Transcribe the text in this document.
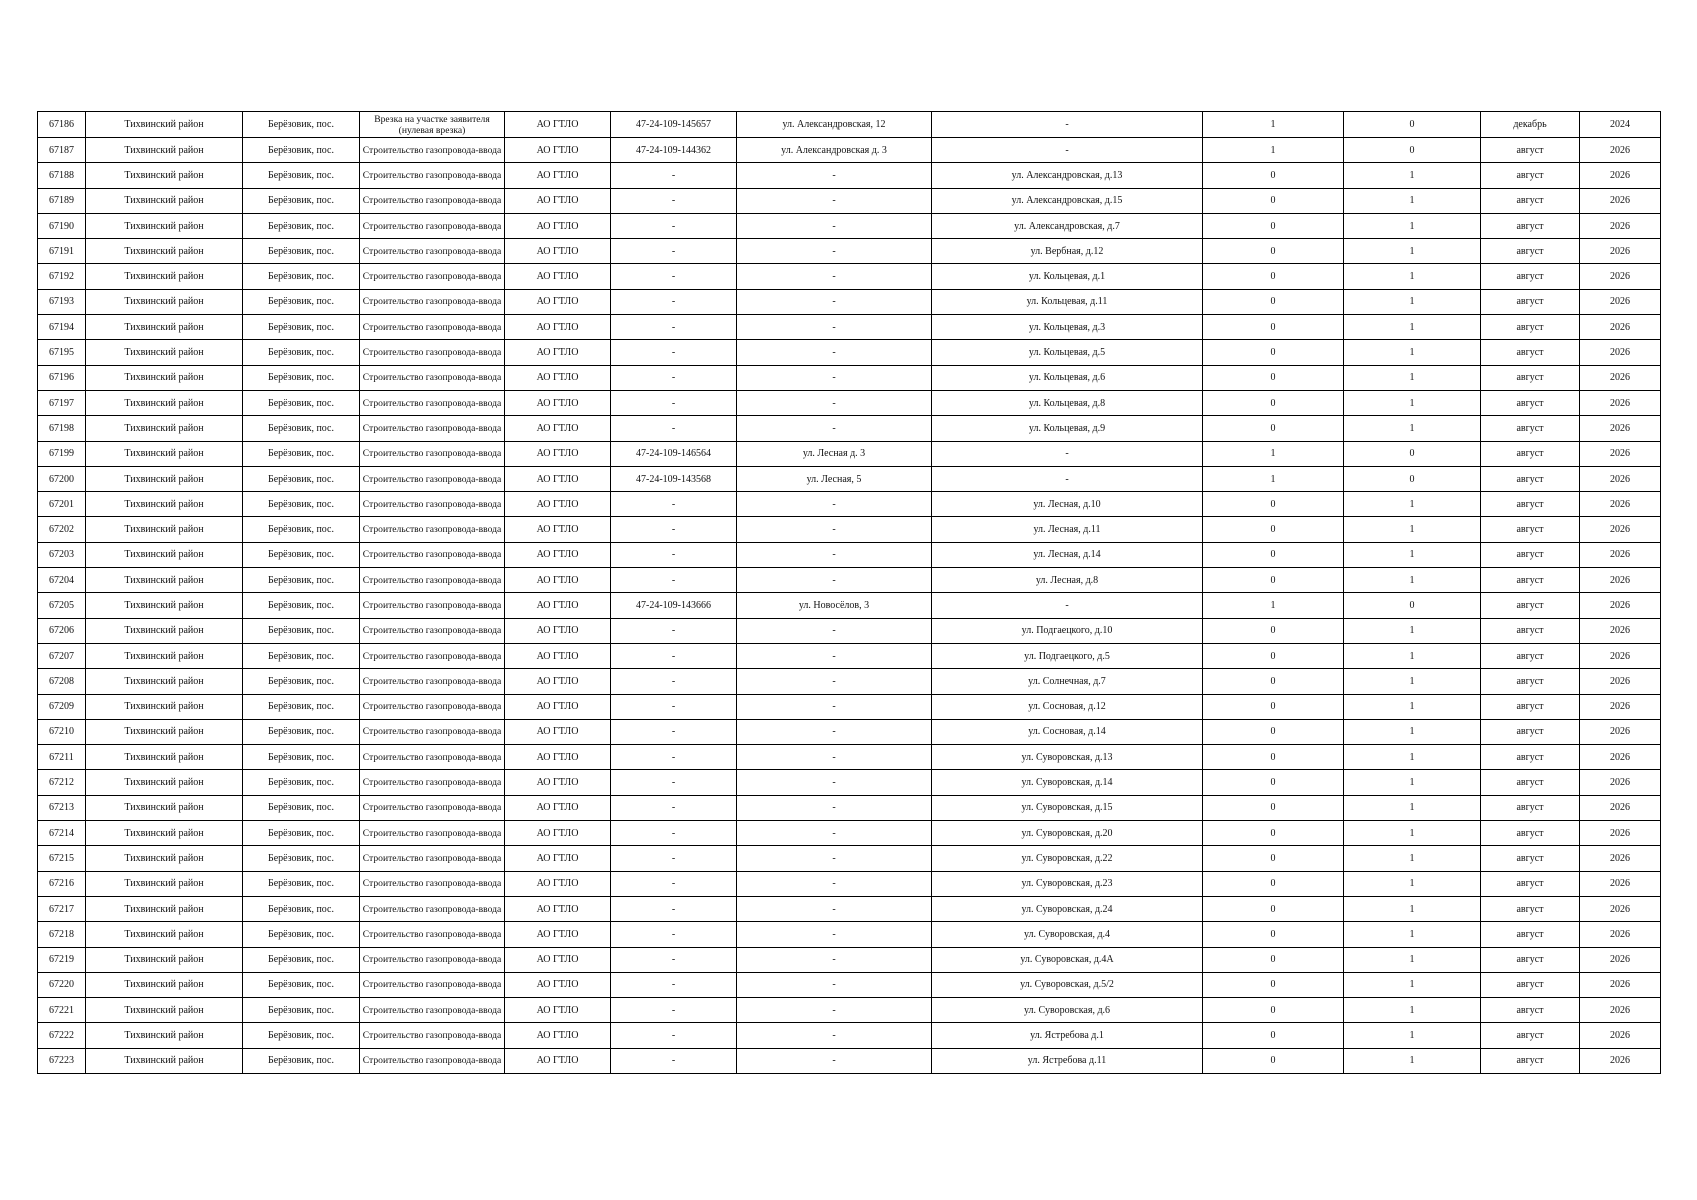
67186	Тихвинский район	Берёзовик, пос.	Врезка на участке заявителя (нулевая врезка)	АО ГТЛО	47-24-109-145657	ул. Александровская, 12	-	1	0	декабрь	2024
67187	Тихвинский район	Берёзовик, пос.	Строительство газопровода-ввода	АО ГТЛО	47-24-109-144362	ул. Александровская д. 3	-	1	0	август	2026
67188	Тихвинский район	Берёзовик, пос.	Строительство газопровода-ввода	АО ГТЛО	-	-	ул. Александровская, д.13	0	1	август	2026
67189	Тихвинский район	Берёзовик, пос.	Строительство газопровода-ввода	АО ГТЛО	-	-	ул. Александровская, д.15	0	1	август	2026
67190	Тихвинский район	Берёзовик, пос.	Строительство газопровода-ввода	АО ГТЛО	-	-	ул. Александровская, д.7	0	1	август	2026
67191	Тихвинский район	Берёзовик, пос.	Строительство газопровода-ввода	АО ГТЛО	-	-	ул. Вербная, д.12	0	1	август	2026
67192	Тихвинский район	Берёзовик, пос.	Строительство газопровода-ввода	АО ГТЛО	-	-	ул. Кольцевая, д.1	0	1	август	2026
67193	Тихвинский район	Берёзовик, пос.	Строительство газопровода-ввода	АО ГТЛО	-	-	ул. Кольцевая, д.11	0	1	август	2026
67194	Тихвинский район	Берёзовик, пос.	Строительство газопровода-ввода	АО ГТЛО	-	-	ул. Кольцевая, д.3	0	1	август	2026
67195	Тихвинский район	Берёзовик, пос.	Строительство газопровода-ввода	АО ГТЛО	-	-	ул. Кольцевая, д.5	0	1	август	2026
67196	Тихвинский район	Берёзовик, пос.	Строительство газопровода-ввода	АО ГТЛО	-	-	ул. Кольцевая, д.6	0	1	август	2026
67197	Тихвинский район	Берёзовик, пос.	Строительство газопровода-ввода	АО ГТЛО	-	-	ул. Кольцевая, д.8	0	1	август	2026
67198	Тихвинский район	Берёзовик, пос.	Строительство газопровода-ввода	АО ГТЛО	-	-	ул. Кольцевая, д.9	0	1	август	2026
67199	Тихвинский район	Берёзовик, пос.	Строительство газопровода-ввода	АО ГТЛО	47-24-109-146564	ул. Лесная д. 3	-	1	0	август	2026
67200	Тихвинский район	Берёзовик, пос.	Строительство газопровода-ввода	АО ГТЛО	47-24-109-143568	ул. Лесная, 5	-	1	0	август	2026
67201	Тихвинский район	Берёзовик, пос.	Строительство газопровода-ввода	АО ГТЛО	-	-	ул. Лесная, д.10	0	1	август	2026
67202	Тихвинский район	Берёзовик, пос.	Строительство газопровода-ввода	АО ГТЛО	-	-	ул. Лесная, д.11	0	1	август	2026
67203	Тихвинский район	Берёзовик, пос.	Строительство газопровода-ввода	АО ГТЛО	-	-	ул. Лесная, д.14	0	1	август	2026
67204	Тихвинский район	Берёзовик, пос.	Строительство газопровода-ввода	АО ГТЛО	-	-	ул. Лесная, д.8	0	1	август	2026
67205	Тихвинский район	Берёзовик, пос.	Строительство газопровода-ввода	АО ГТЛО	47-24-109-143666	ул. Новосёлов, 3	-	1	0	август	2026
67206	Тихвинский район	Берёзовик, пос.	Строительство газопровода-ввода	АО ГТЛО	-	-	ул. Подгаецкого, д.10	0	1	август	2026
67207	Тихвинский район	Берёзовик, пос.	Строительство газопровода-ввода	АО ГТЛО	-	-	ул. Подгаецкого, д.5	0	1	август	2026
67208	Тихвинский район	Берёзовик, пос.	Строительство газопровода-ввода	АО ГТЛО	-	-	ул. Солнечная, д.7	0	1	август	2026
67209	Тихвинский район	Берёзовик, пос.	Строительство газопровода-ввода	АО ГТЛО	-	-	ул. Сосновая, д.12	0	1	август	2026
67210	Тихвинский район	Берёзовик, пос.	Строительство газопровода-ввода	АО ГТЛО	-	-	ул. Сосновая, д.14	0	1	август	2026
67211	Тихвинский район	Берёзовик, пос.	Строительство газопровода-ввода	АО ГТЛО	-	-	ул. Суворовская, д.13	0	1	август	2026
67212	Тихвинский район	Берёзовик, пос.	Строительство газопровода-ввода	АО ГТЛО	-	-	ул. Суворовская, д.14	0	1	август	2026
67213	Тихвинский район	Берёзовик, пос.	Строительство газопровода-ввода	АО ГТЛО	-	-	ул. Суворовская, д.15	0	1	август	2026
67214	Тихвинский район	Берёзовик, пос.	Строительство газопровода-ввода	АО ГТЛО	-	-	ул. Суворовская, д.20	0	1	август	2026
67215	Тихвинский район	Берёзовик, пос.	Строительство газопровода-ввода	АО ГТЛО	-	-	ул. Суворовская, д.22	0	1	август	2026
67216	Тихвинский район	Берёзовик, пос.	Строительство газопровода-ввода	АО ГТЛО	-	-	ул. Суворовская, д.23	0	1	август	2026
67217	Тихвинский район	Берёзовик, пос.	Строительство газопровода-ввода	АО ГТЛО	-	-	ул. Суворовская, д.24	0	1	август	2026
67218	Тихвинский район	Берёзовик, пос.	Строительство газопровода-ввода	АО ГТЛО	-	-	ул. Суворовская, д.4	0	1	август	2026
67219	Тихвинский район	Берёзовик, пос.	Строительство газопровода-ввода	АО ГТЛО	-	-	ул. Суворовская, д.4А	0	1	август	2026
67220	Тихвинский район	Берёзовик, пос.	Строительство газопровода-ввода	АО ГТЛО	-	-	ул. Суворовская, д.5/2	0	1	август	2026
67221	Тихвинский район	Берёзовик, пос.	Строительство газопровода-ввода	АО ГТЛО	-	-	ул. Суворовская, д.6	0	1	август	2026
67222	Тихвинский район	Берёзовик, пос.	Строительство газопровода-ввода	АО ГТЛО	-	-	ул. Ястребова д.1	0	1	август	2026
67223	Тихвинский район	Берёзовик, пос.	Строительство газопровода-ввода	АО ГТЛО	-	-	ул. Ястребова д.11	0	1	август	2026
